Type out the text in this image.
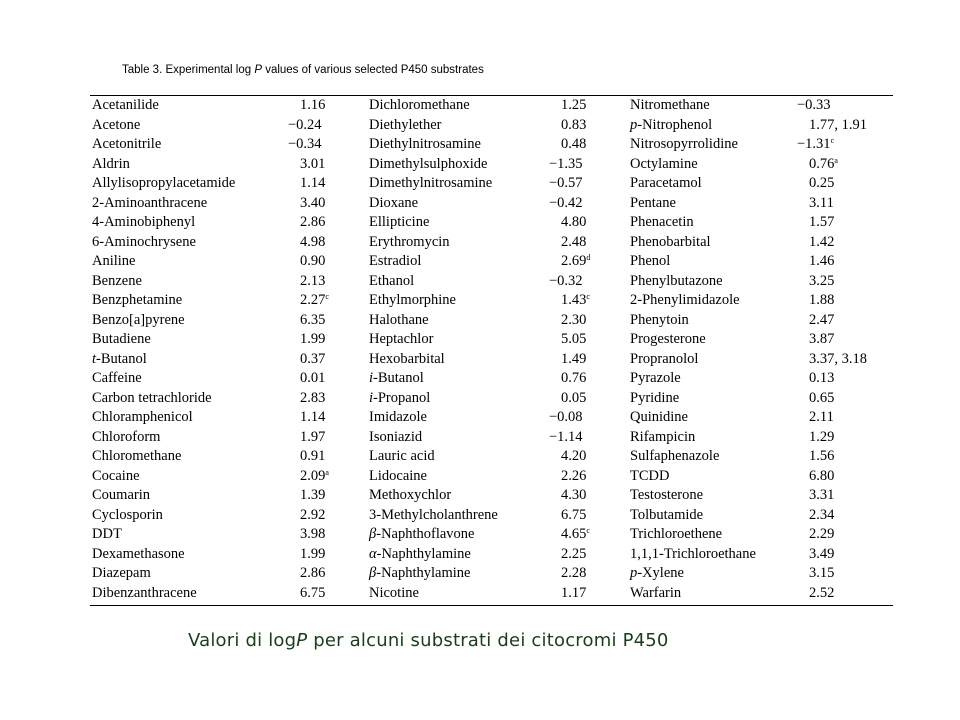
Table 3. Experimental log P values of various selected P450 substrates
Acetanilide	1.16	Dichloromethane	1.25	Nitromethane	−0.33
Acetone	−0.24	Diethylether	0.83	p-Nitrophenol	1.77, 1.91
Acetonitrile	−0.34	Diethylnitrosamine	0.48	Nitrosopyrrolidine	−1.31$^c$
Aldrin	3.01	Dimethylsulphoxide	−1.35	Octylamine	0.76$^a$
Allylisopropylacetamide	1.14	Dimethylnitrosamine	−0.57	Paracetamol	0.25
2-Aminoanthracene	3.40	Dioxane	−0.42	Pentane	3.11
4-Aminobiphenyl	2.86	Ellipticine	4.80	Phenacetin	1.57
6-Aminochrysene	4.98	Erythromycin	2.48	Phenobarbital	1.42
Aniline	0.90	Estradiol	2.69$^d$	Phenol	1.46
Benzene	2.13	Ethanol	−0.32	Phenylbutazone	3.25
Benzphetamine	2.27$^c$	Ethylmorphine	1.43$^c$	2-Phenylimidazole	1.88
Benzo[a]pyrene	6.35	Halothane	2.30	Phenytoin	2.47
Butadiene	1.99	Heptachlor	5.05	Progesterone	3.87
t-Butanol	0.37	Hexobarbital	1.49	Propranolol	3.37, 3.18
Caffeine	0.01	i-Butanol	0.76	Pyrazole	0.13
Carbon tetrachloride	2.83	i-Propanol	0.05	Pyridine	0.65
Chloramphenicol	1.14	Imidazole	−0.08	Quinidine	2.11
Chloroform	1.97	Isoniazid	−1.14	Rifampicin	1.29
Chloromethane	0.91	Lauric acid	4.20	Sulfaphenazole	1.56
Cocaine	2.09$^a$	Lidocaine	2.26	TCDD	6.80
Coumarin	1.39	Methoxychlor	4.30	Testosterone	3.31
Cyclosporin	2.92	3-Methylcholanthrene	6.75	Tolbutamide	2.34
DDT	3.98	β-Naphthoflavone	4.65$^c$	Trichloroethene	2.29
Dexamethasone	1.99	α-Naphthylamine	2.25	1,1,1-Trichloroethane	3.49
Diazepam	2.86	β-Naphthylamine	2.28	p-Xylene	3.15
Dibenzanthracene	6.75	Nicotine	1.17	Warfarin	2.52
Valori di logP per alcuni substrati dei citocromi P450
